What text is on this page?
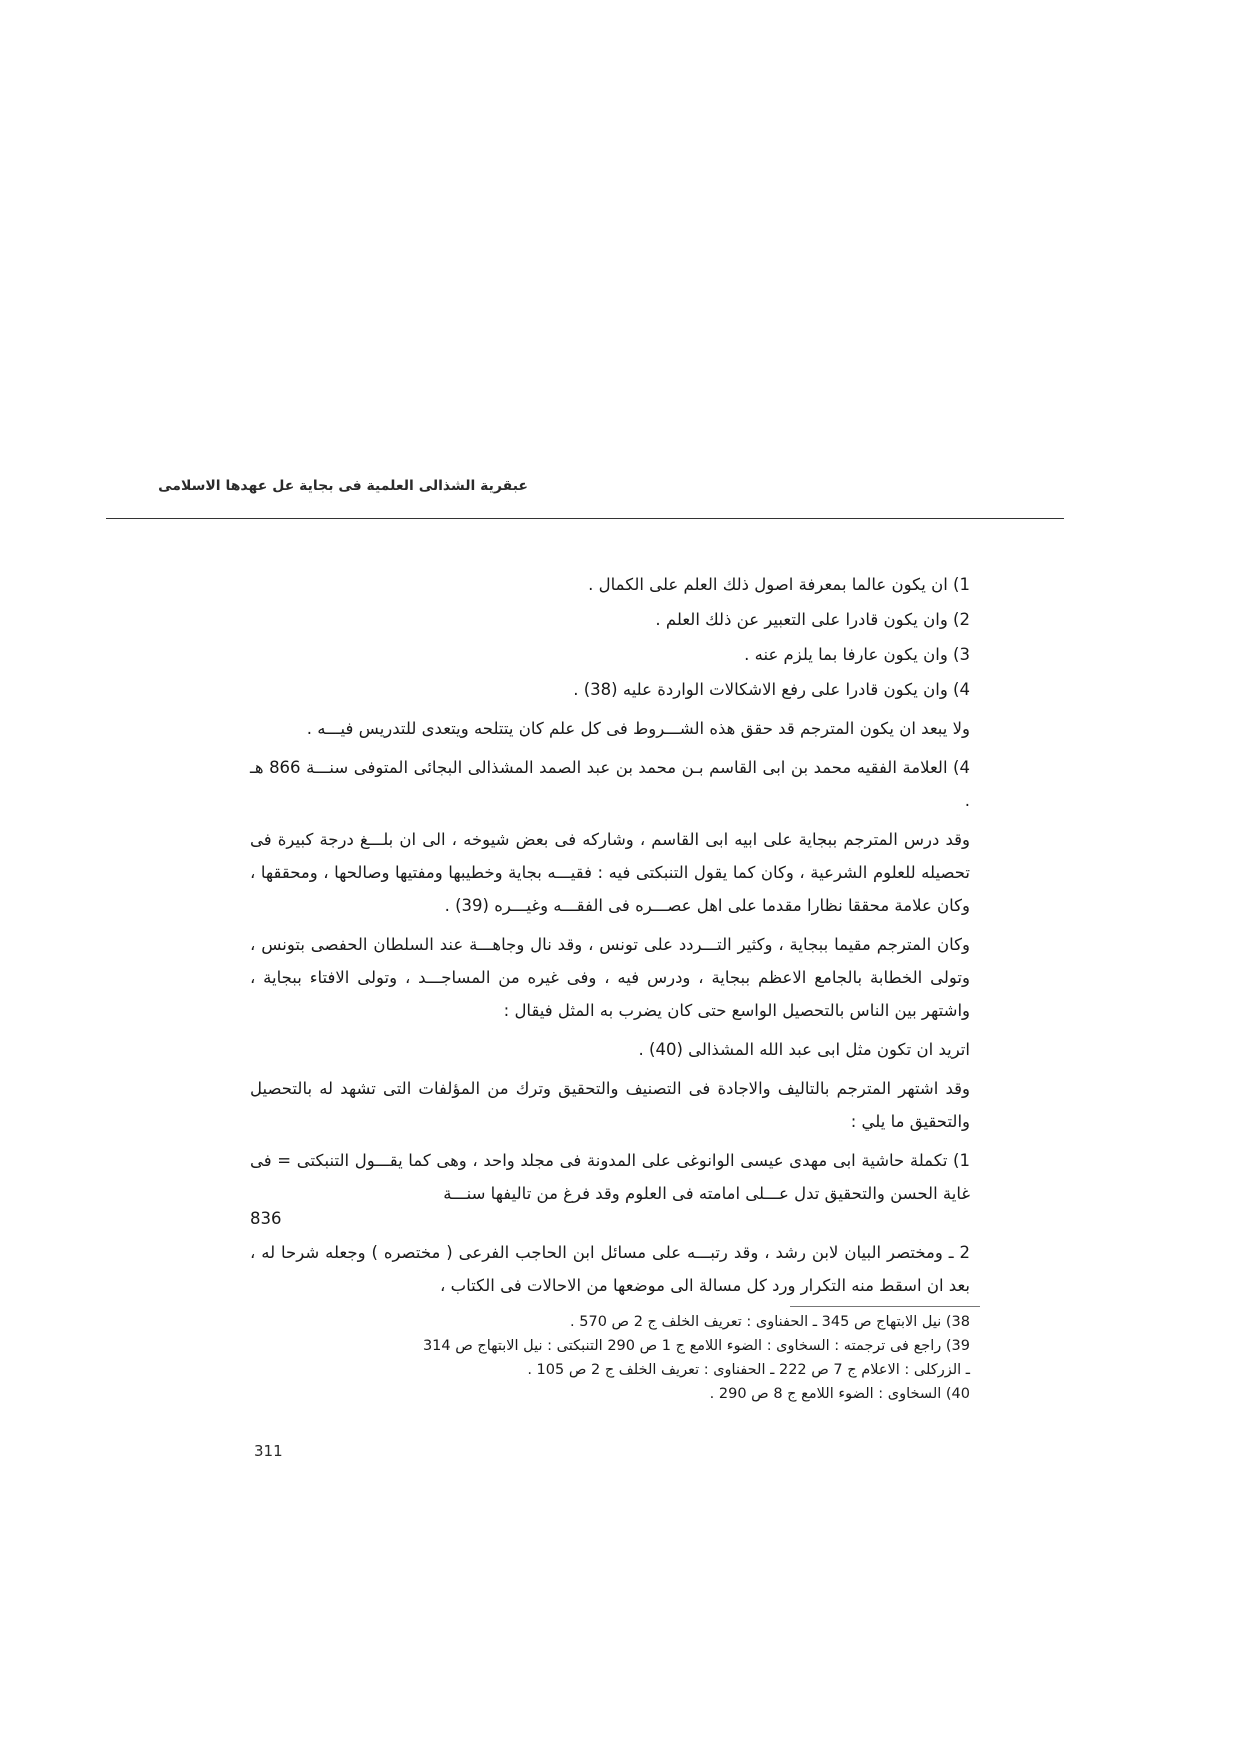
عبقرية الشذالى العلمية فى بجاية عل عهدها الاسلامى

1) ان يكون عالما بمعرفة اصول ذلك العلم على الكمال .

2) وان يكون قادرا على التعبير عن ذلك العلم .

3) وان يكون عارفا بما يلزم عنه .

4) وان يكون قادرا على رفع الاشكالات الواردة عليه (38) .

ولا يبعد ان يكون المترجم قد حقق هذه الشـــروط فى كل علم كان يتتلحه ويتعدى للتدريس فيـــه .

4) العلامة الفقيه محمد بن ابى القاسم بـن محمد بن عبد الصمد المشذالى البجائى المتوفى سنـــة 866 هـ .

وقد درس المترجم ببجاية على ابيه ابى القاسم ، وشاركه فى بعض شيوخه ، الى ان بلـــغ درجة كبيرة فى تحصيله للعلوم الشرعية ، وكان كما يقول التنبكتى فيه : فقيـــه بجاية وخطيبها ومفتيها وصالحها ، ومحققها ، وكان علامة محققا نظارا مقدما على اهل عصـــره فى الفقـــه وغيـــره (39) .

وكان المترجم مقيما ببجاية ، وكثير التـــردد على تونس ، وقد نال وجاهـــة عند السلطان الحفصى بتونس ، وتولى الخطابة بالجامع الاعظم ببجاية ، ودرس فيه ، وفى غيره من المساجـــد ، وتولى الافتاء ببجاية ، واشتهر بين الناس بالتحصيل الواسع حتى كان يضرب به المثل فيقال :

اتريد ان تكون مثل ابى عبد الله المشذالى (40) .

وقد اشتهر المترجم بالتاليف والاجادة فى التصنيف والتحقيق وترك من المؤلفات التى تشهد له بالتحصيل والتحقيق ما يلي :

1) تكملة حاشية ابى مهدى عيسى الوانوغى على المدونة فى مجلد واحد ، وهى كما يقـــول التنبكتى = فى غاية الحسن والتحقيق تدل عـــلى امامته فى العلوم وقد فرغ من تاليفها سنـــة

836

2 ـ ومختصر البيان لابن رشد ، وقد رتبـــه على مسائل ابن الحاجب الفرعى ( مختصره ) وجعله شرحا له ، بعد ان اسقط منه التكرار ورد كل مسالة الى موضعها من الاحالات فى الكتاب ،

38) نيل الابتهاج ص 345 ـ الحفناوى : تعريف الخلف ج 2 ص 570 .

39) راجع فى ترجمته : السخاوى : الضوء اللامع ج 1 ص 290 التنبكتى : نيل الابتهاج ص 314

ـ الزركلى : الاعلام ج 7 ص 222 ـ الحفناوى : تعريف الخلف ج 2 ص 105 .

40) السخاوى : الضوء اللامع ج 8 ص 290 .

311
